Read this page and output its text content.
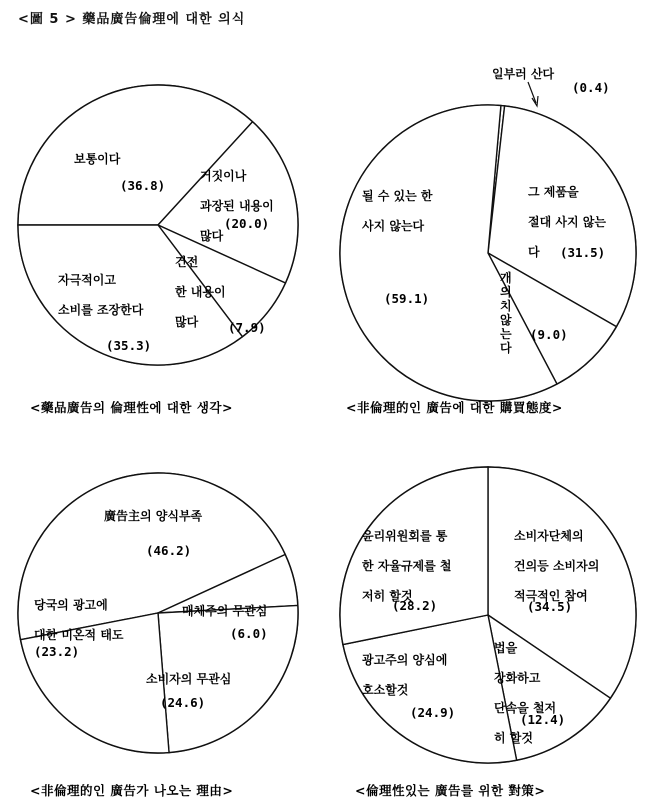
<圖 5 > 藥品廣告倫理에 대한 의식
보통이다
(36.8)
거짓이나 과장된 내용이 많다
(20.0)
건전 한 내용이 많다	(7.9)
자극적이고 소비를 조장한다
(35.3)
<藥品廣告의 倫理性에 대한 생각>
일부러 산다
(0.4)
그 제품을 절대 사지 않는 다	(31.5)
개 의 치 않 는 다
(9.0)
될 수 있는 한 사지 않는다
(59.1)
<非倫理的인 廣告에 대한 購買態度>
廣告主의 양식부족
(46.2)
매체주의 무관심
(6.0)
소비자의 무관심
(24.6)
당국의 광고에 대한 미온적 태도
(23.2)
<非倫理的인 廣告가 나오는 理由>
소비자단체의 건의등 소비자의 적극적인 참여
(34.5)
법을 강화하고 단속을 철저 히 할것
(12.4)
광고주의 양심에 호소할것
(24.9)
윤리위원회를 통 한 자율규제를 철 저히 할것
(28.2)
<倫理性있는 廣告를 위한 對策>
